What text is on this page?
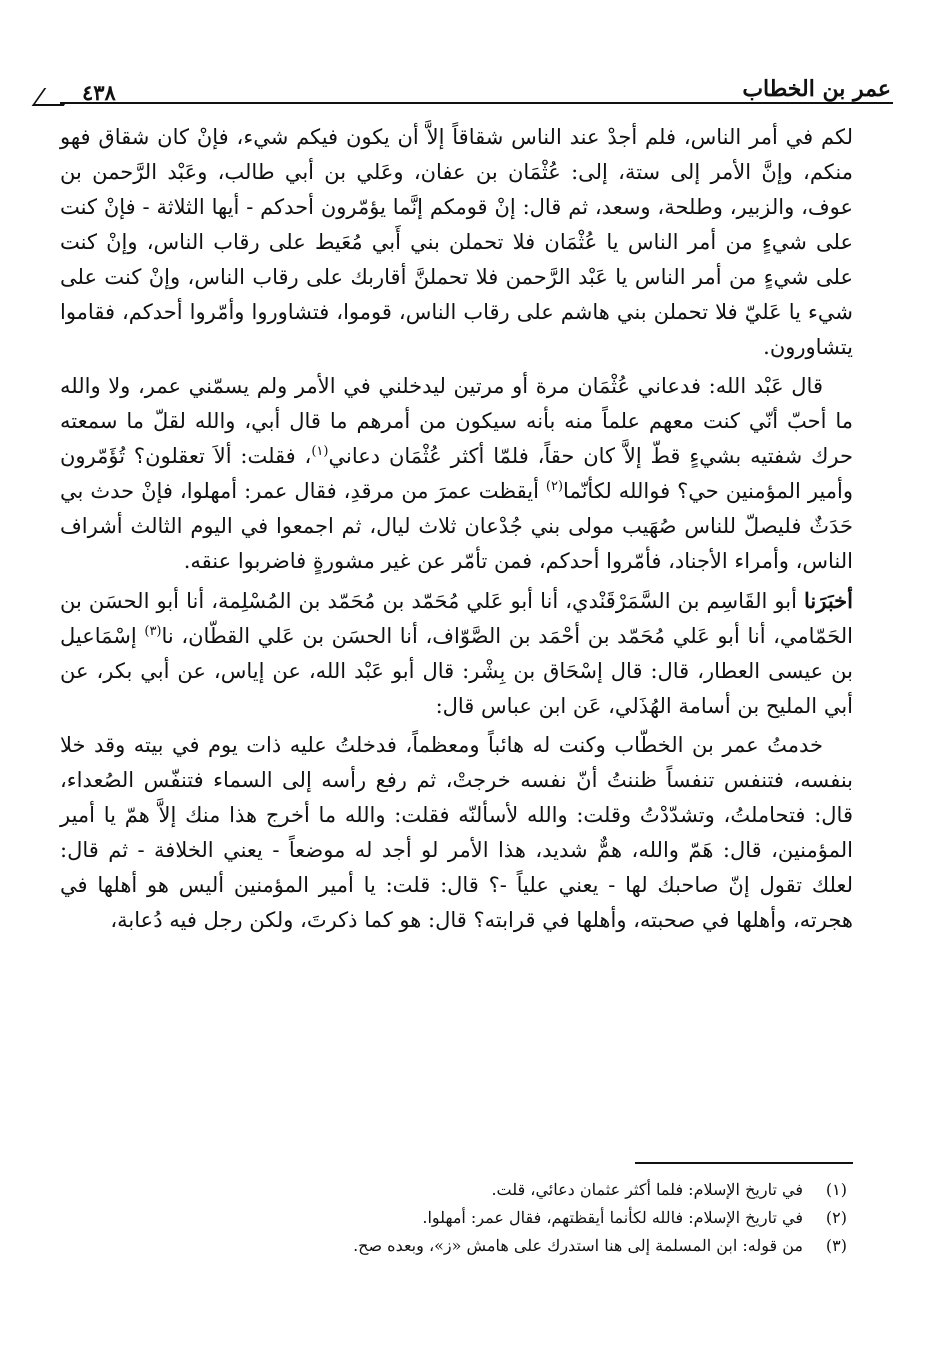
عمر بن الخطاب
٤٣٨

لكم في أمر الناس، فلم أجدْ عند الناس شقاقاً إلاَّ أن يكون فيكم شيء، فإنْ كان شقاق فهو منكم، وإنَّ الأمر إلى ستة، إلى: عُثْمَان بن عفان، وعَلي بن أبي طالب، وعَبْد الرَّحمن بن عوف، والزبير، وطلحة، وسعد، ثم قال: إنْ قومكم إنَّما يؤمّرون أحدكم - أيها الثلاثة - فإنْ كنت على شيءٍ من أمر الناس يا عُثْمَان فلا تحملن بني أَبي مُعَيط على رقاب الناس، وإنْ كنت على شيءٍ من أمر الناس يا عَبْد الرَّحمن فلا تحملنَّ أقاربك على رقاب الناس، وإنْ كنت على شيء يا عَليّ فلا تحملن بني هاشم على رقاب الناس، قوموا، فتشاوروا وأمّروا أحدكم، فقاموا يتشاورون.

قال عَبْد الله: فدعاني عُثْمَان مرة أو مرتين ليدخلني في الأمر ولم يسمّني عمر، ولا والله ما أحبّ أنّي كنت معهم علماً منه بأنه سيكون من أمرهم ما قال أبي، والله لقلّ ما سمعته حرك شفتيه بشيءٍ قطّ إلاَّ كان حقاً، فلمّا أكثر عُثْمَان دعاني$^{(١)}$، فقلت: ألاَ تعقلون؟ تُؤَمّرون وأمير المؤمنين حي؟ فوالله لكأنّما$^{(٢)}$ أيقظت عمرَ من مرقدِ، فقال عمر: أمهلوا، فإنْ حدث بي حَدَثٌ فليصلّ للناس صُهَيب مولى بني جُدْعان ثلاث ليال، ثم اجمعوا في اليوم الثالث أشراف الناس، وأمراء الأجناد، فأمّروا أحدكم، فمن تأمّر عن غير مشورةٍ فاضربوا عنقه.

أخبَرَنا أبو القَاسِم بن السَّمَرْقَنْدي، أنا أبو عَلي مُحَمّد بن مُحَمّد بن المُسْلِمة، أنا أبو الحسَن بن الحَمّامي، أنا أبو عَلي مُحَمّد بن أحْمَد بن الصَّوّاف، أنا الحسَن بن عَلي القطّان، نا$^{(٣)}$ إسْمَاعيل بن عيسى العطار، قال: قال إسْحَاق بن بِشْر: قال أبو عَبْد الله، عن إياس، عن أبي بكر، عن أبي المليح بن أسامة الهُذَلي، عَن ابن عباس قال:

خدمتُ عمر بن الخطّاب وكنت له هائباً ومعظماً، فدخلتُ عليه ذات يوم في بيته وقد خلا بنفسه، فتنفس تنفساً ظننتُ أنّ نفسه خرجتْ، ثم رفع رأسه إلى السماء فتنفّس الصُعداء، قال: فتحاملتُ، وتشدّدْتُ وقلت: والله لأسألنّه فقلت: والله ما أخرج هذا منك إلاَّ همّ يا أمير المؤمنين، قال: هَمّ والله، همٌّ شديد، هذا الأمر لو أجد له موضعاً - يعني الخلافة - ثم قال: لعلك تقول إنّ صاحبك لها - يعني علياً -؟ قال: قلت: يا أمير المؤمنين أليس هو أهلها في هجرته، وأهلها في صحبته، وأهلها في قرابته؟ قال: هو كما ذكرتَ، ولكن رجل فيه دُعابة،

(١)
في تاريخ الإسلام: فلما أكثر عثمان دعائي، قلت.
(٢)
في تاريخ الإسلام: فالله لكأنما أيقظتهم، فقال عمر: أمهلوا.
(٣)
من قوله: ابن المسلمة إلى هنا استدرك على هامش «ز»، وبعده صح.
